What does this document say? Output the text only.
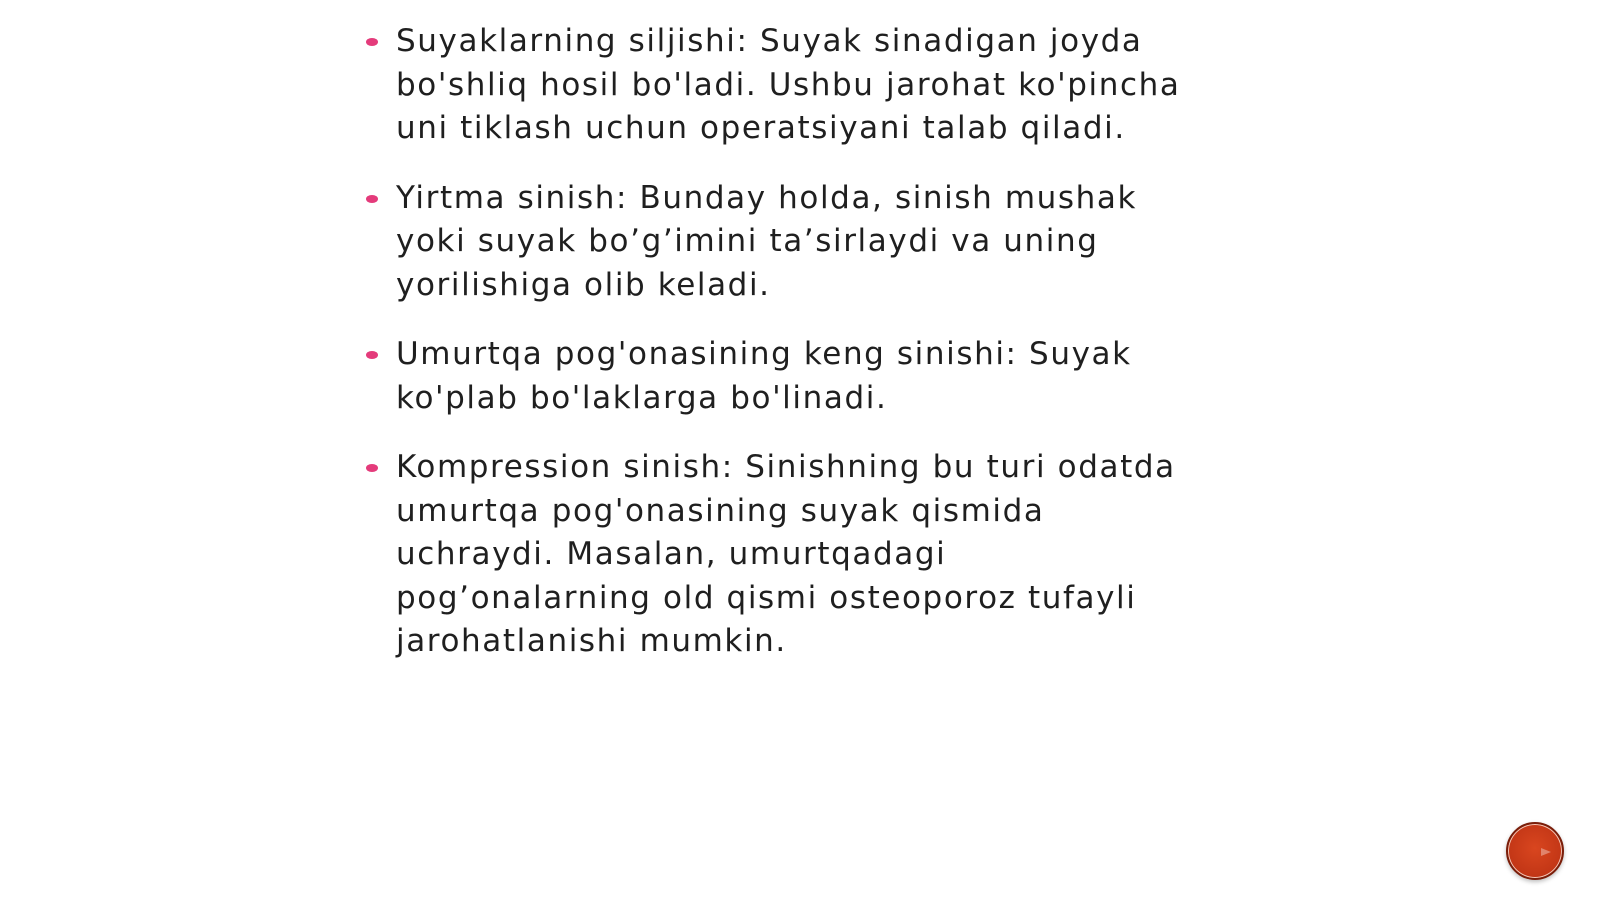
Suyaklarning siljishi: Suyak sinadigan joyda bo'shliq hosil bo'ladi. Ushbu jarohat ko'pincha uni tiklash uchun operatsiyani talab qiladi.
Yirtma sinish: Bunday holda, sinish mushak yoki suyak bo’g’imini ta’sirlaydi va uning yorilishiga olib keladi.
Umurtqa pog'onasining keng sinishi: Suyak ko'plab bo'laklarga bo'linadi.
Kompression sinish: Sinishning bu turi odatda umurtqa pog'onasining suyak qismida uchraydi. Masalan, umurtqadagi pog’onalarning old qismi osteoporoz tufayli jarohatlanishi mumkin.
